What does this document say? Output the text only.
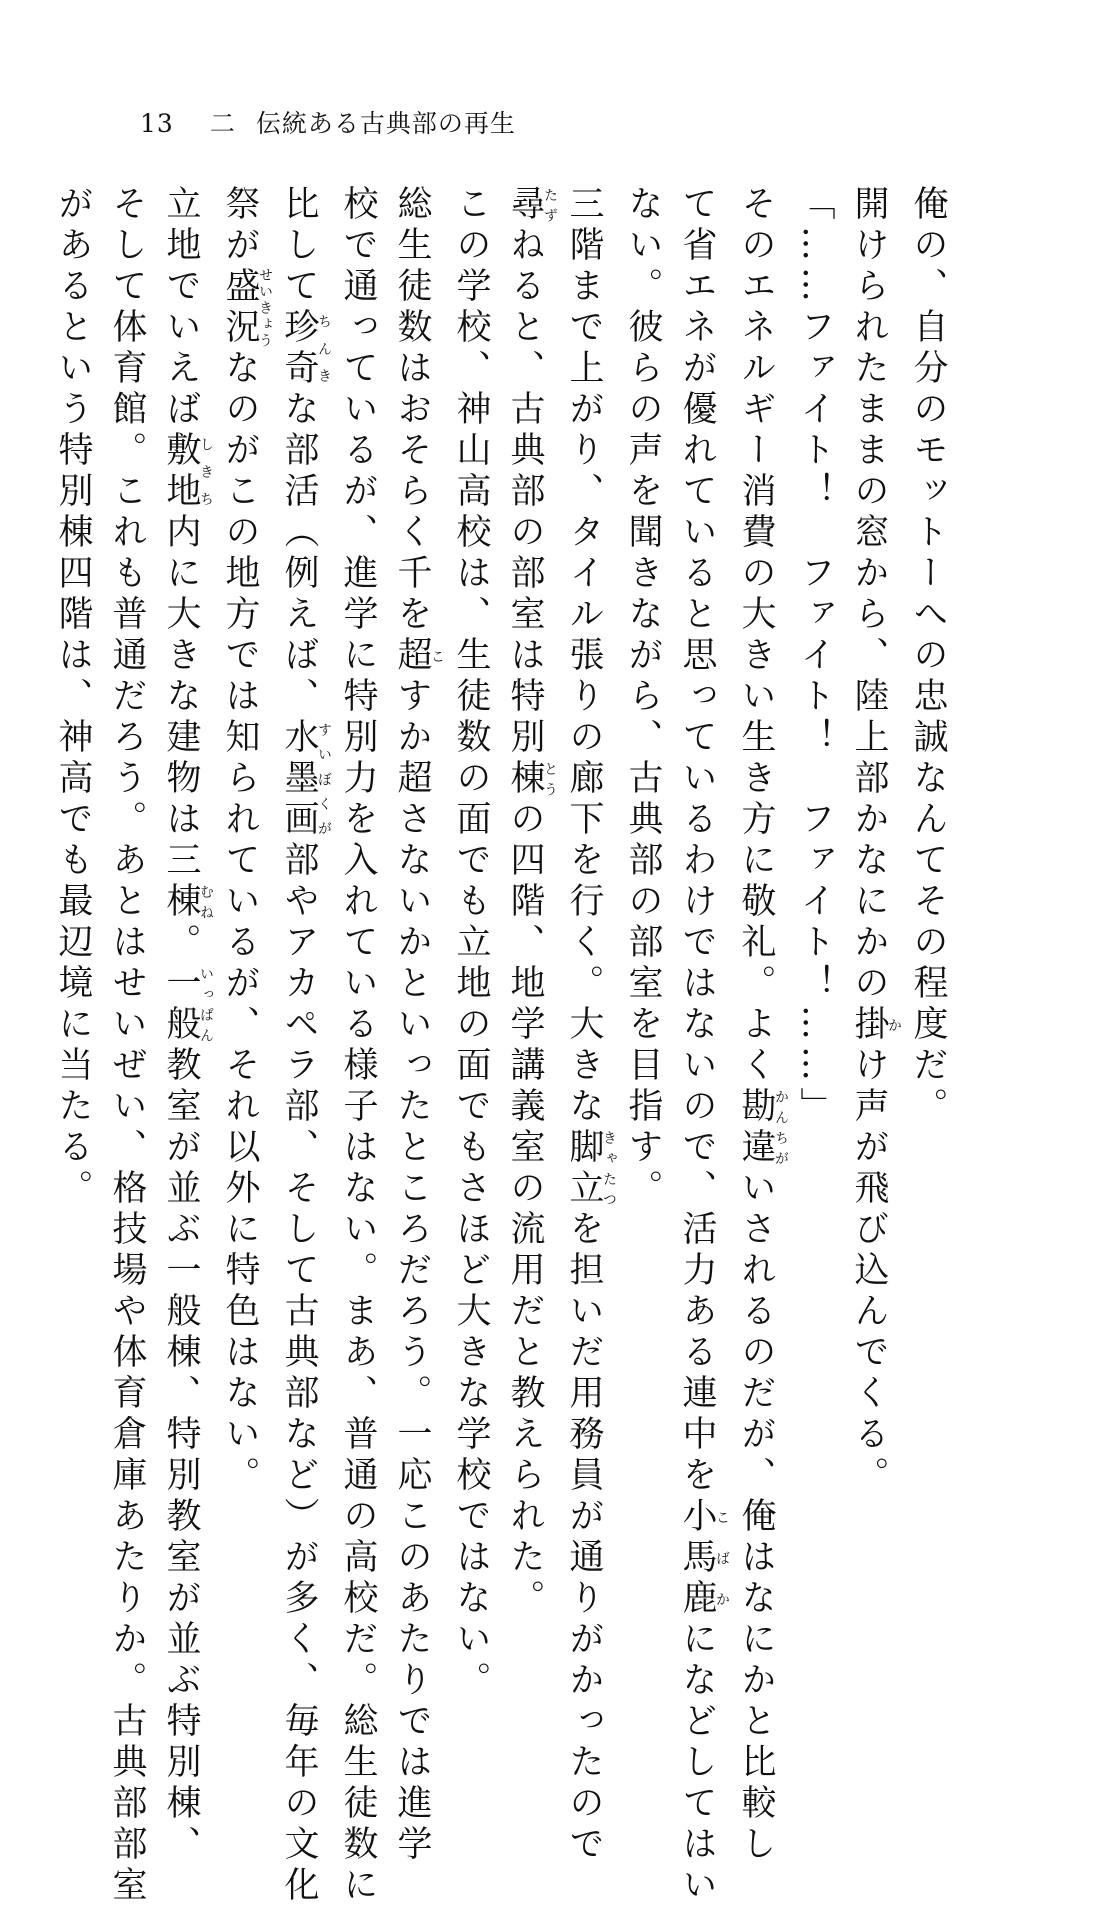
13 二 伝統ある古典部の再生
俺の、自分のモットーへの忠誠なんてその程度だ。
開けられたままの窓から、陸上部かなにかの掛かけ声が飛び込んでくる。
「……ファイト！　ファイト！　ファイト！……」
そのエネルギー消費の大きい生き方に敬礼。よく勘違かんちがいされるのだが、俺はなにかと比較し
て省エネが優れていると思っているわけではないので、活力ある連中を小馬鹿こばかになどしてはい
ない。彼らの声を聞きながら、古典部の部室を目指す。
三階まで上がり、タイル張りの廊下を行く。大きな脚立きゃたつを担いだ用務員が通りがかったので
尋たずねると、古典部の部室は特別棟とうの四階、地学講義室の流用だと教えられた。
この学校、神山高校は、生徒数の面でも立地の面でもさほど大きな学校ではない。
総生徒数はおそらく千を超こすか超さないかといったところだろう。一応このあたりでは進学
校で通っているが、進学に特別力を入れている様子はない。まあ、普通の高校だ。総生徒数に
比して珍奇ちんきな部活（例えば、水墨画すいぼくが部やアカペラ部、そして古典部など）が多く、毎年の文化
祭が盛況せいきょうなのがこの地方では知られているが、それ以外に特色はない。
立地でいえば敷地しきち内に大きな建物は三棟むね。一般いっぱん教室が並ぶ一般棟、特別教室が並ぶ特別棟、
そして体育館。これも普通だろう。あとはせいぜい、格技場や体育倉庫あたりか。古典部部室
があるという特別棟四階は、神高でも最辺境に当たる。
